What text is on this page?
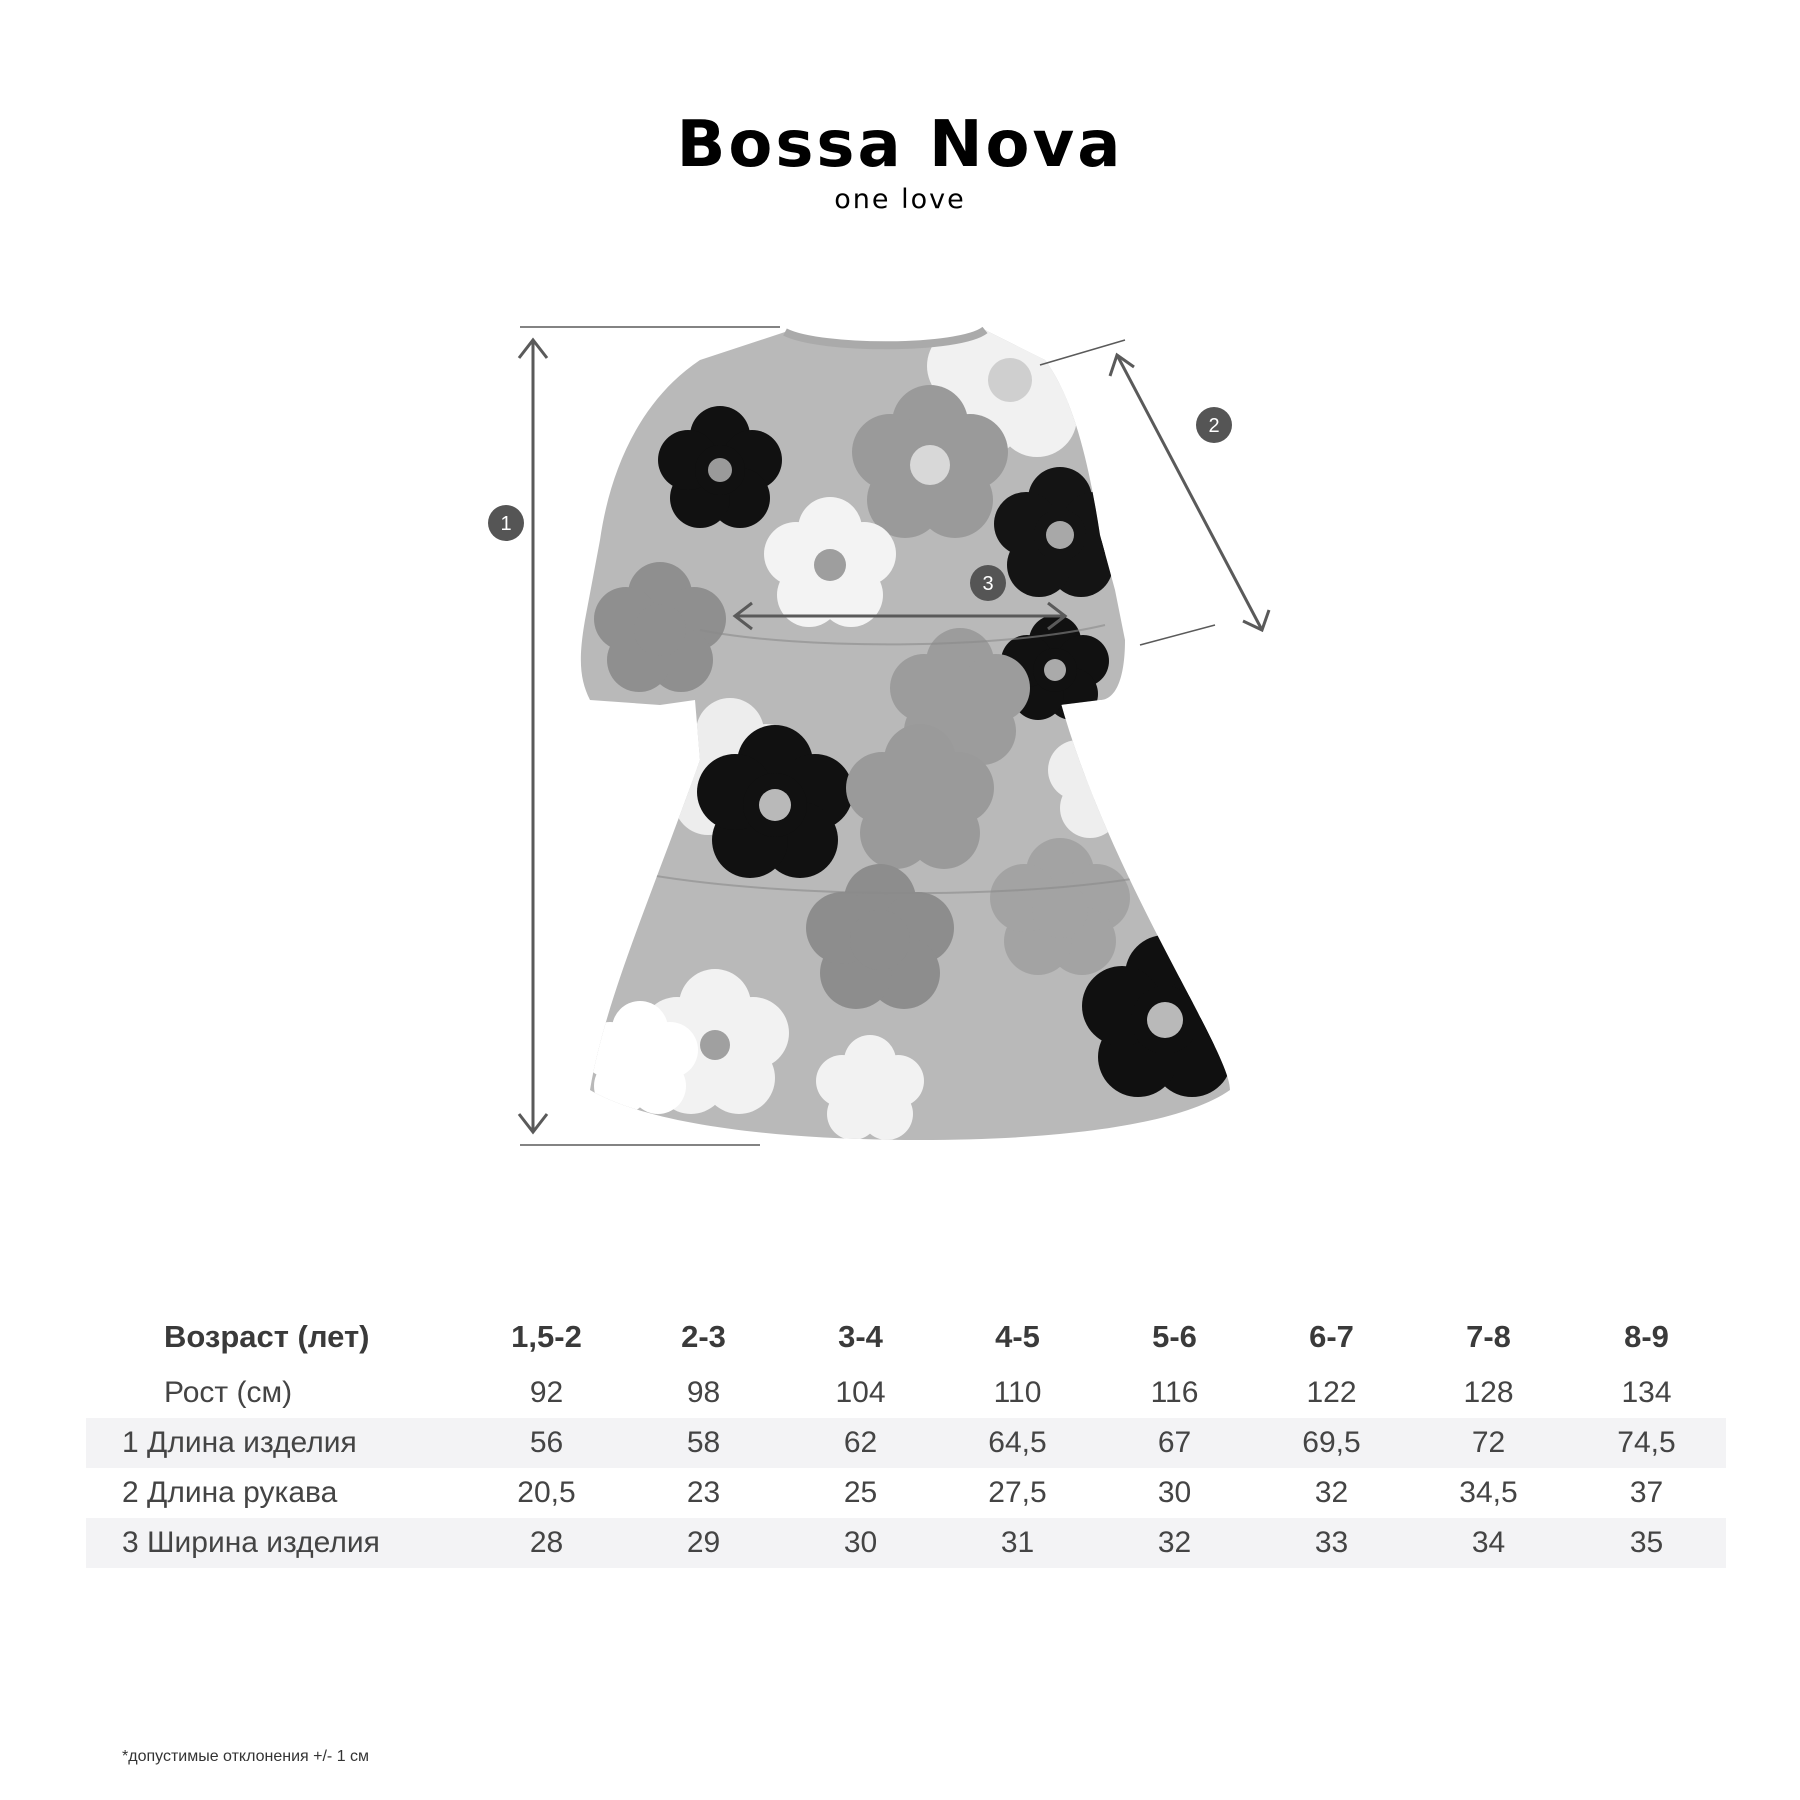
Bossa Nova
one love
1
2
3
Возраст (лет)	1,5-2	2-3	3-4	4-5	5-6	6-7	7-8	8-9
Рост (см)	92	98	104	110	116	122	128	134
1 Длина изделия	56	58	62	64,5	67	69,5	72	74,5
2 Длина рукава	20,5	23	25	27,5	30	32	34,5	37
3 Ширина изделия	28	29	30	31	32	33	34	35
*допустимые отклонения +/- 1 см
